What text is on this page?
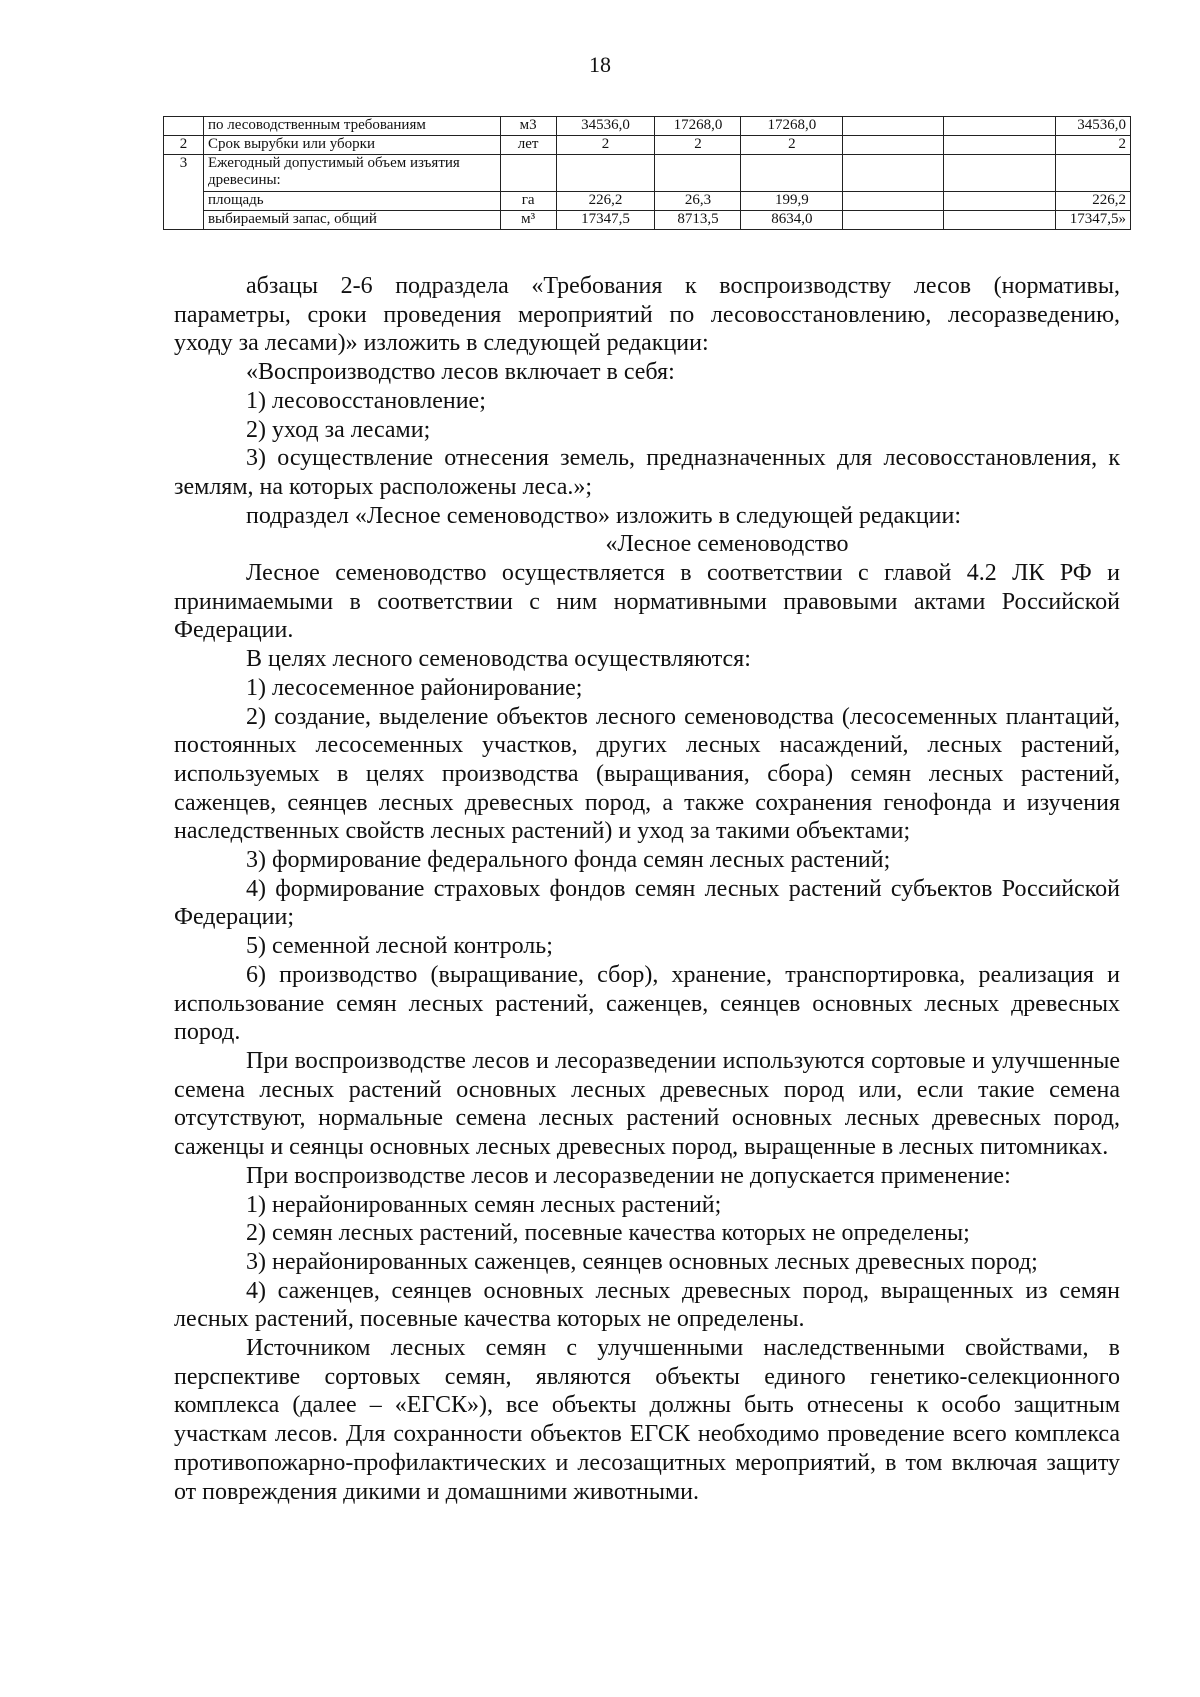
18
	по лесоводственным требованиям	м3	34536,0	17268,0	17268,0			34536,0
2	Срок вырубки или уборки	лет	2	2	2			2
3	Ежегодный допустимый объем изъятия древесины:							
	площадь	га	226,2	26,3	199,9			226,2
	выбираемый запас, общий	м³	17347,5	8713,5	8634,0			17347,5»

абзацы 2-6 подраздела «Требования к воспроизводству лесов (нормативы, параметры, сроки проведения мероприятий по лесовосстановлению, лесоразведению, уходу за лесами)» изложить в следующей редакции:

«Воспроизводство лесов включает в себя:

1) лесовосстановление;

2) уход за лесами;

3) осуществление отнесения земель, предназначенных для лесовосстановления, к землям, на которых расположены леса.»;

подраздел «Лесное семеноводство» изложить в следующей редакции:

«Лесное семеноводство

Лесное семеноводство осуществляется в соответствии с главой 4.2 ЛК РФ и принимаемыми в соответствии с ним нормативными правовыми актами Российской Федерации.

В целях лесного семеноводства осуществляются:

1) лесосеменное районирование;

2) создание, выделение объектов лесного семеноводства (лесосеменных плантаций, постоянных лесосеменных участков, других лесных насаждений, лесных растений, используемых в целях производства (выращивания, сбора) семян лесных растений, саженцев, сеянцев лесных древесных пород, а также сохранения генофонда и изучения наследственных свойств лесных растений) и уход за такими объектами;

3) формирование федерального фонда семян лесных растений;

4) формирование страховых фондов семян лесных растений субъектов Российской Федерации;

5) семенной лесной контроль;

6) производство (выращивание, сбор), хранение, транспортировка, реализация и использование семян лесных растений, саженцев, сеянцев основных лесных древесных пород.

При воспроизводстве лесов и лесоразведении используются сортовые и улучшенные семена лесных растений основных лесных древесных пород или, если такие семена отсутствуют, нормальные семена лесных растений основных лесных древесных пород, саженцы и сеянцы основных лесных древесных пород, выращенные в лесных питомниках.

При воспроизводстве лесов и лесоразведении не допускается применение:

1) нерайонированных семян лесных растений;

2) семян лесных растений, посевные качества которых не определены;

3) нерайонированных саженцев, сеянцев основных лесных древесных пород;

4) саженцев, сеянцев основных лесных древесных пород, выращенных из семян лесных растений, посевные качества которых не определены.

Источником лесных семян с улучшенными наследственными свойствами, в перспективе сортовых семян, являются объекты единого генетико-селекционного комплекса (далее – «ЕГСК»), все объекты должны быть отнесены к особо защитным участкам лесов. Для сохранности объектов ЕГСК необходимо проведение всего комплекса противопожарно-профилактических и лесозащитных мероприятий, в том включая защиту от повреждения дикими и домашними животными.
